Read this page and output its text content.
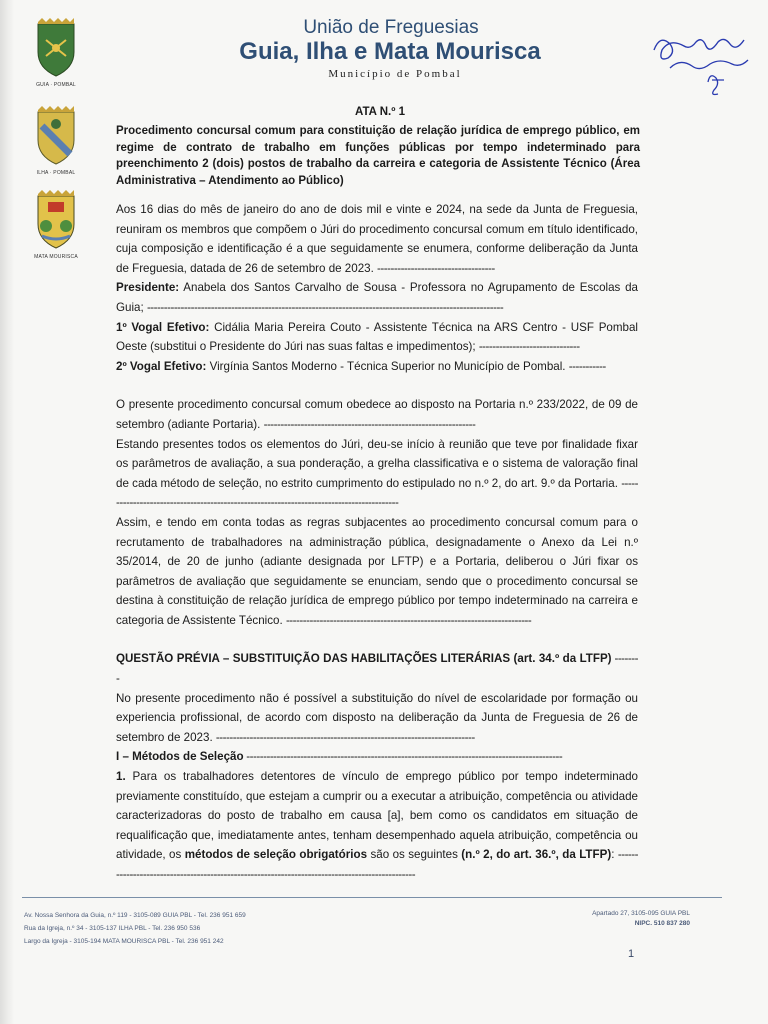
GUIA · POMBAL
ILHA · POMBAL
MATA MOURISCA
União de Freguesias
Guia, Ilha e Mata Mourisca
Município de Pombal
ATA N.º 1
Procedimento concursal comum para constituição de relação jurídica de emprego público, em regime de contrato de trabalho em funções públicas por tempo indeterminado para preenchimento 2 (dois) postos de trabalho da carreira e categoria de Assistente Técnico (Área Administrativa – Atendimento ao Público)

Aos 16 dias do mês de janeiro do ano de dois mil e vinte e 2024, na sede da Junta de Freguesia, reuniram os membros que compõem o Júri do procedimento concursal comum em título identificado, cuja composição e identificação é a que seguidamente se enumera, conforme deliberação da Junta de Freguesia, datada de 26 de setembro de 2023. -----------------------------------

Presidente: Anabela dos Santos Carvalho de Sousa - Professora no Agrupamento de Escolas da Guia; ----------------------------------------------------------------------------------------------------------

1º Vogal Efetivo: Cidália Maria Pereira Couto - Assistente Técnica na ARS Centro - USF Pombal Oeste (substitui o Presidente do Júri nas suas faltas e impedimentos); ------------------------------

2º Vogal Efetivo: Virgínia Santos Moderno - Técnica Superior no Município de Pombal. -----------

O presente procedimento concursal comum obedece ao disposto na Portaria n.º 233/2022, de 09 de setembro (adiante Portaria). ---------------------------------------------------------------

Estando presentes todos os elementos do Júri, deu-se início à reunião que teve por finalidade fixar os parâmetros de avaliação, a sua ponderação, a grelha classificativa e o sistema de valoração final de cada método de seleção, no estrito cumprimento do estipulado no n.º 2, do art. 9.º da Portaria. -----------------------------------------------------------------------------------------

Assim, e tendo em conta todas as regras subjacentes ao procedimento concursal comum para o recrutamento de trabalhadores na administração pública, designadamente o Anexo da Lei n.º 35/2014, de 20 de junho (adiante designada por LFTP) e a Portaria, deliberou o Júri fixar os parâmetros de avaliação que seguidamente se enunciam, sendo que o procedimento concursal se destina à constituição de relação jurídica de emprego público por tempo indeterminado na carreira e categoria de Assistente Técnico. -------------------------------------------------------------------------

QUESTÃO PRÉVIA – SUBSTITUIÇÃO DAS HABILITAÇÕES LITERÁRIAS (art. 34.º da LTFP) --------

No presente procedimento não é possível a substituição do nível de escolaridade por formação ou experiencia profissional, de acordo com disposto na deliberação da Junta de Freguesia de 26 de setembro de 2023. -----------------------------------------------------------------------------

I – Métodos de Seleção ----------------------------------------------------------------------------------------------

1. Para os trabalhadores detentores de vínculo de emprego público por tempo indeterminado previamente constituído, que estejam a cumprir ou a executar a atribuição, competência ou atividade caracterizadoras do posto de trabalho em causa [a], bem como os candidatos em situação de requalificação que, imediatamente antes, tenham desempenhado aquela atribuição, competência ou atividade, os métodos de seleção obrigatórios são os seguintes (n.º 2, do art. 36.º, da LTFP): -----------------------------------------------------------------------------------------------

Av. Nossa Senhora da Guia, n.º 119 - 3105-089 GUIA PBL - Tel. 236 951 659
Rua da Igreja, n.º 34 - 3105-137 ILHA PBL - Tel. 236 950 536
Largo da Igreja - 3105-194 MATA MOURISCA PBL - Tel. 236 951 242
Apartado 27, 3105-095 GUIA PBL
NIPC. 510 837 280
1
